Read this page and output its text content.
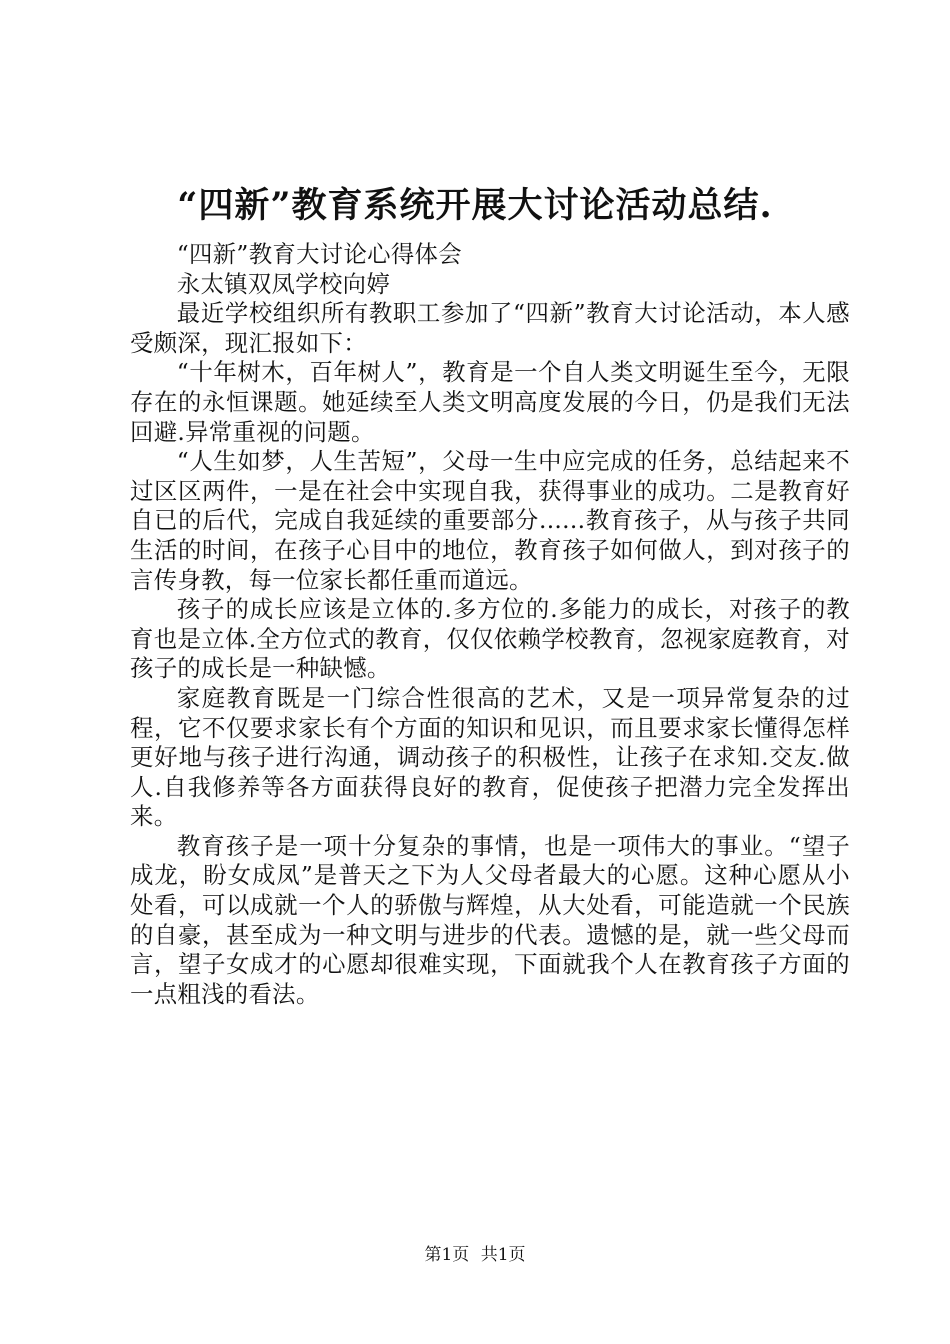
“四新”教育系统开展大讨论活动总结.

“四新”教育大讨论心得体会

永太镇双凤学校向婷

最近学校组织所有教职工参加了“四新”教育大讨论活动，本人感受颇深，现汇报如下：

“十年树木，百年树人”，教育是一个自人类文明诞生至今，无限存在的永恒课题。她延续至人类文明高度发展的今日，仍是我们无法回避.异常重视的问题。

“人生如梦，人生苦短”，父母一生中应完成的任务，总结起来不过区区两件，一是在社会中实现自我，获得事业的成功。二是教育好自已的后代，完成自我延续的重要部分......教育孩子，从与孩子共同生活的时间，在孩子心目中的地位，教育孩子如何做人，到对孩子的言传身教，每一位家长都任重而道远。

孩子的成长应该是立体的.多方位的.多能力的成长，对孩子的教育也是立体.全方位式的教育，仅仅依赖学校教育，忽视家庭教育，对孩子的成长是一种缺憾。

家庭教育既是一门综合性很高的艺术，又是一项异常复杂的过程，它不仅要求家长有个方面的知识和见识，而且要求家长懂得怎样更好地与孩子进行沟通，调动孩子的积极性，让孩子在求知.交友.做人.自我修养等各方面获得良好的教育，促使孩子把潜力完全发挥出来。

教育孩子是一项十分复杂的事情，也是一项伟大的事业。“望子成龙，盼女成凤”是普天之下为人父母者最大的心愿。这种心愿从小处看，可以成就一个人的骄傲与辉煌，从大处看，可能造就一个民族的自豪，甚至成为一种文明与进步的代表。遗憾的是，就一些父母而言，望子女成才的心愿却很难实现，下面就我个人在教育孩子方面的一点粗浅的看法。

第1页 共1页
